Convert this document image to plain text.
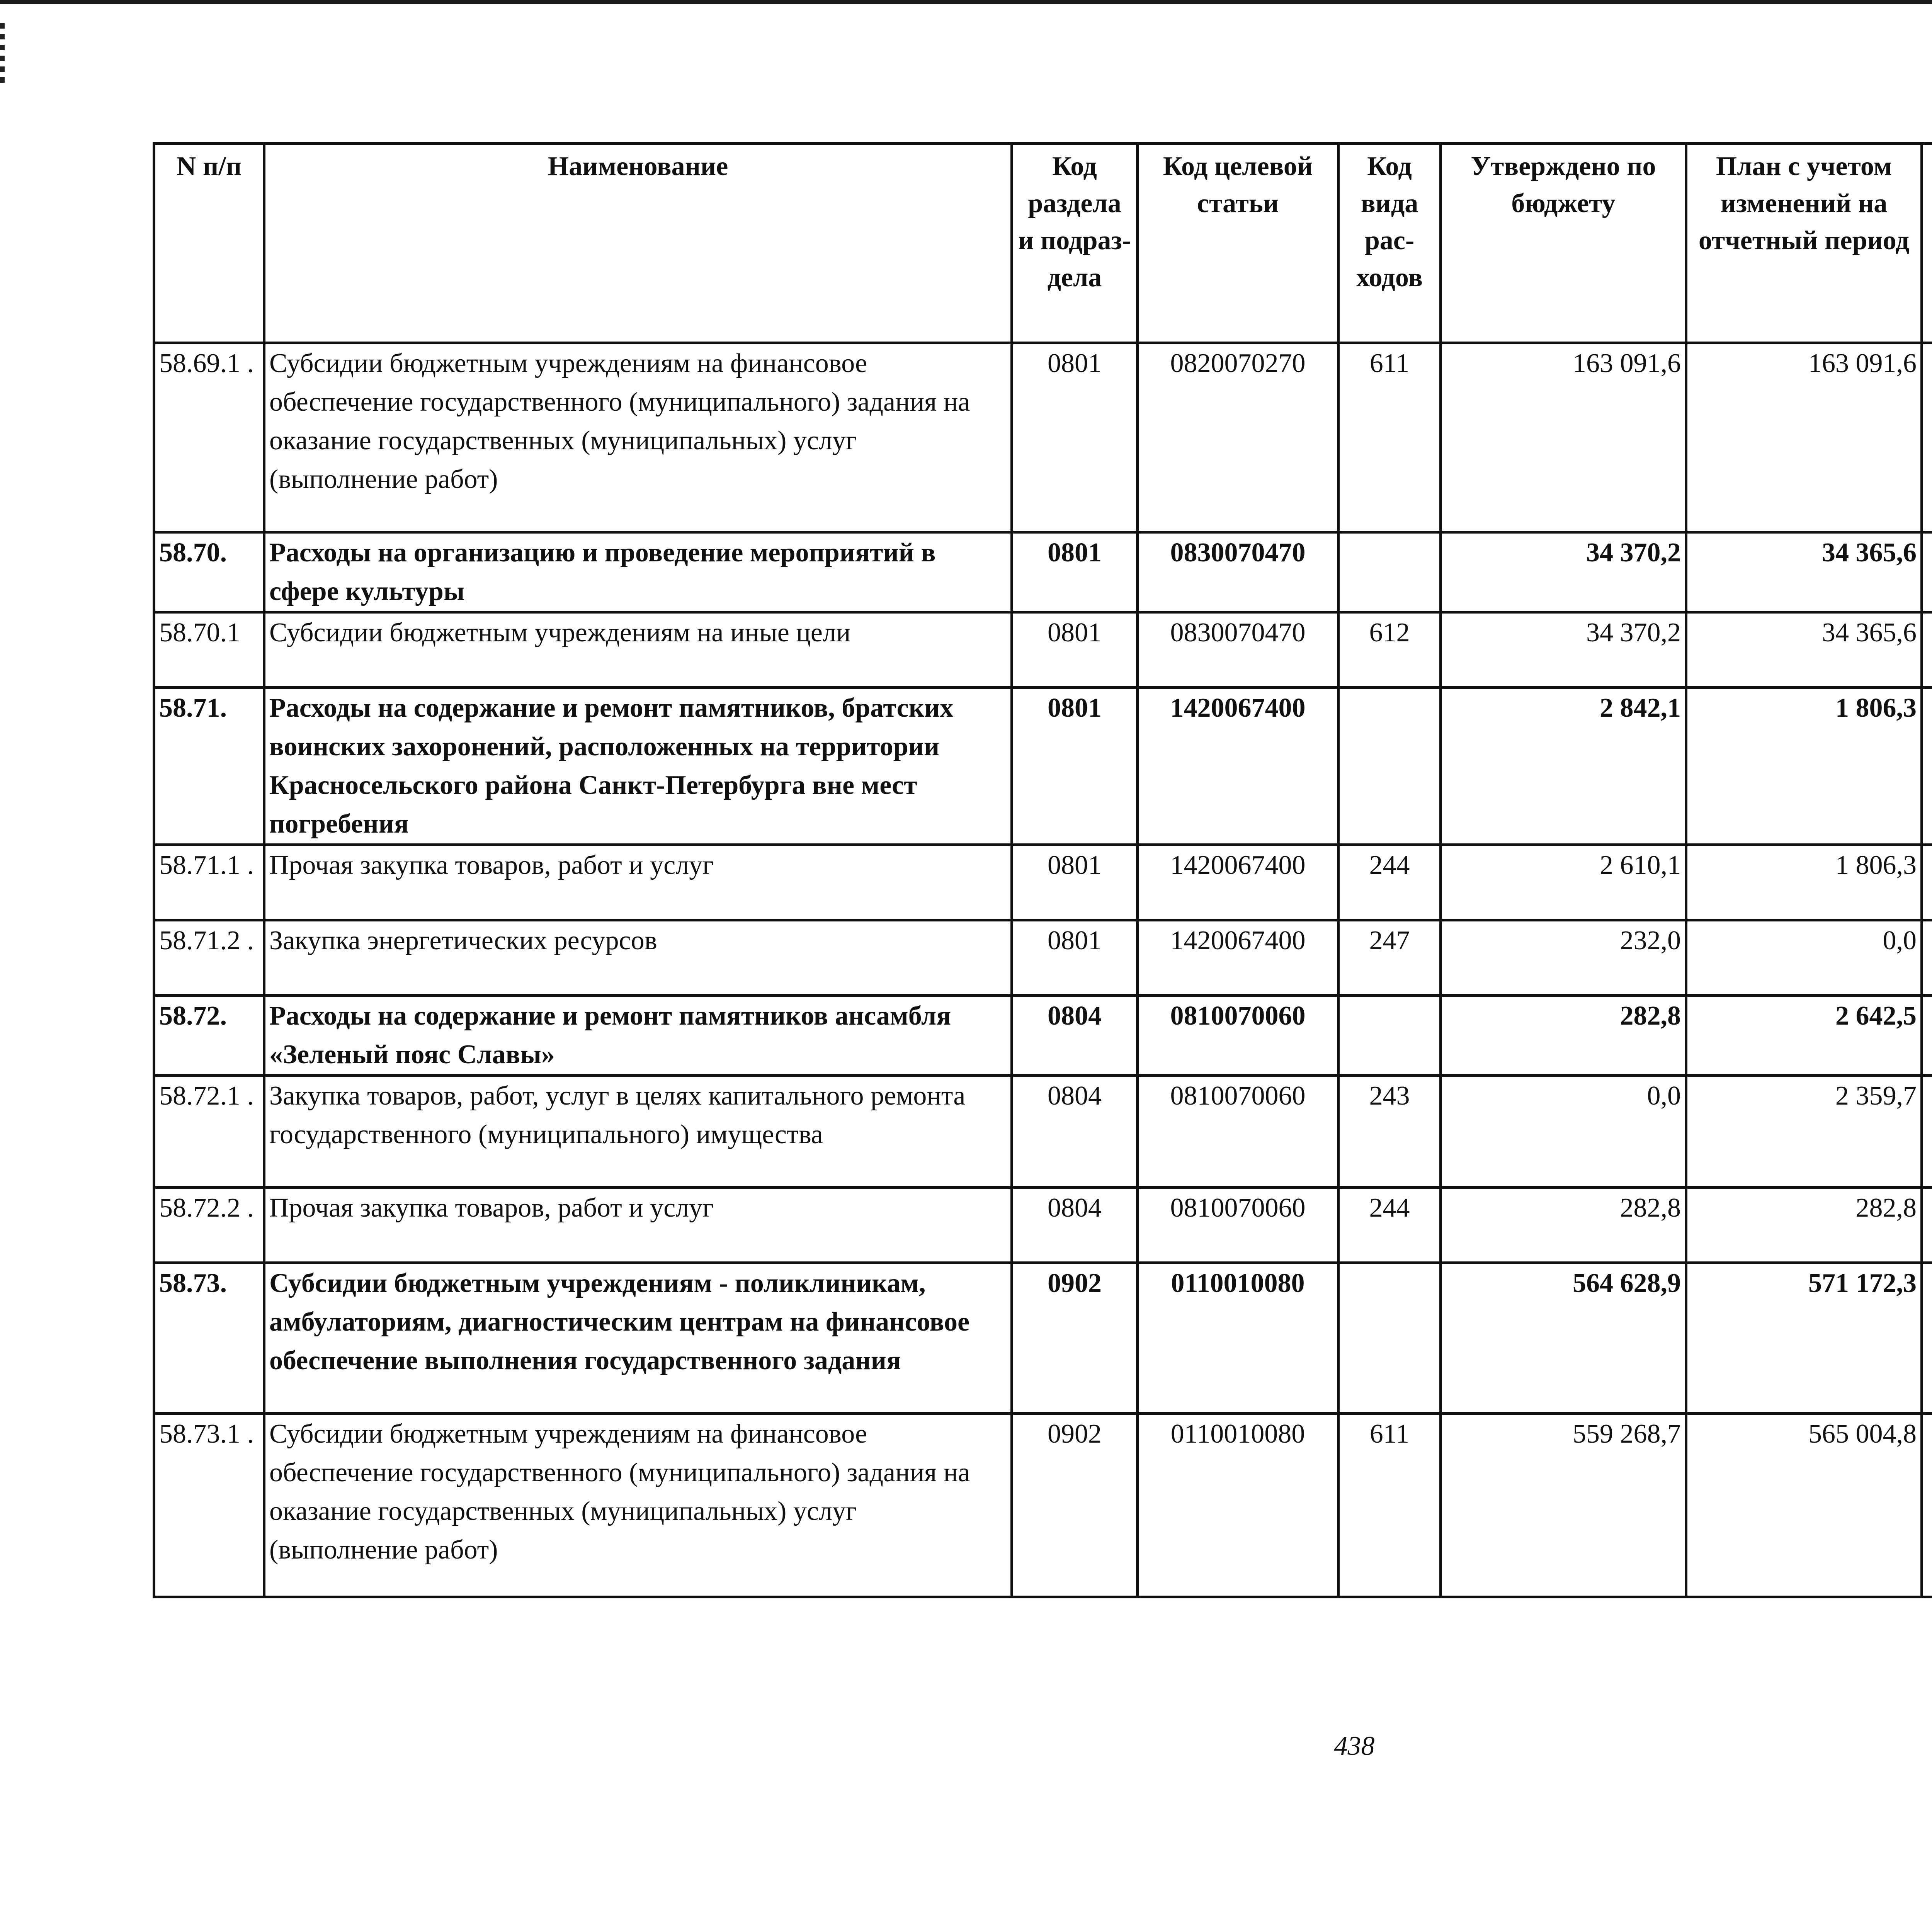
N п/п	Наименование	Код раздела и подраз-дела	Код целевой статьи	Код вида рас-ходов	Утверждено по бюджету	План с учетом изменений на отчетный период		

58.69.1 .	Субсидии бюджетным учреждениям на финансовое обеспечение государственного (муниципального) задания на оказание государственных (муниципальных) услуг (выполнение работ)	0801	0820070270	611	163 091,6	163 091,6			
58.70.	Расходы на организацию и проведение мероприятий в сфере культуры	0801	0830070470		34 370,2	34 365,6			
58.70.1	Субсидии бюджетным учреждениям на иные цели	0801	0830070470	612	34 370,2	34 365,6			
58.71.	Расходы на содержание и ремонт памятников, братских воинских захоронений, расположенных на территории Красносельского района Санкт-Петербурга вне мест погребения	0801	1420067400		2 842,1	1 806,3			
58.71.1 .	Прочая закупка товаров, работ и услуг	0801	1420067400	244	2 610,1	1 806,3			
58.71.2 .	Закупка энергетических ресурсов	0801	1420067400	247	232,0	0,0			
58.72.	Расходы на содержание и ремонт памятников ансамбля «Зеленый пояс Славы»	0804	0810070060		282,8	2 642,5			
58.72.1 .	Закупка товаров, работ, услуг в целях капитального ремонта государственного (муниципального) имущества	0804	0810070060	243	0,0	2 359,7			
58.72.2 .	Прочая закупка товаров, работ и услуг	0804	0810070060	244	282,8	282,8			
58.73.	Субсидии бюджетным учреждениям - поликлиникам, амбулаториям, диагностическим центрам на финансовое обеспечение выполнения государственного задания	0902	0110010080		564 628,9	571 172,3			
58.73.1 .	Субсидии бюджетным учреждениям на финансовое обеспечение государственного (муниципального) задания на оказание государственных (муниципальных) услуг (выполнение работ)	0902	0110010080	611	559 268,7	565 004,8			
438
